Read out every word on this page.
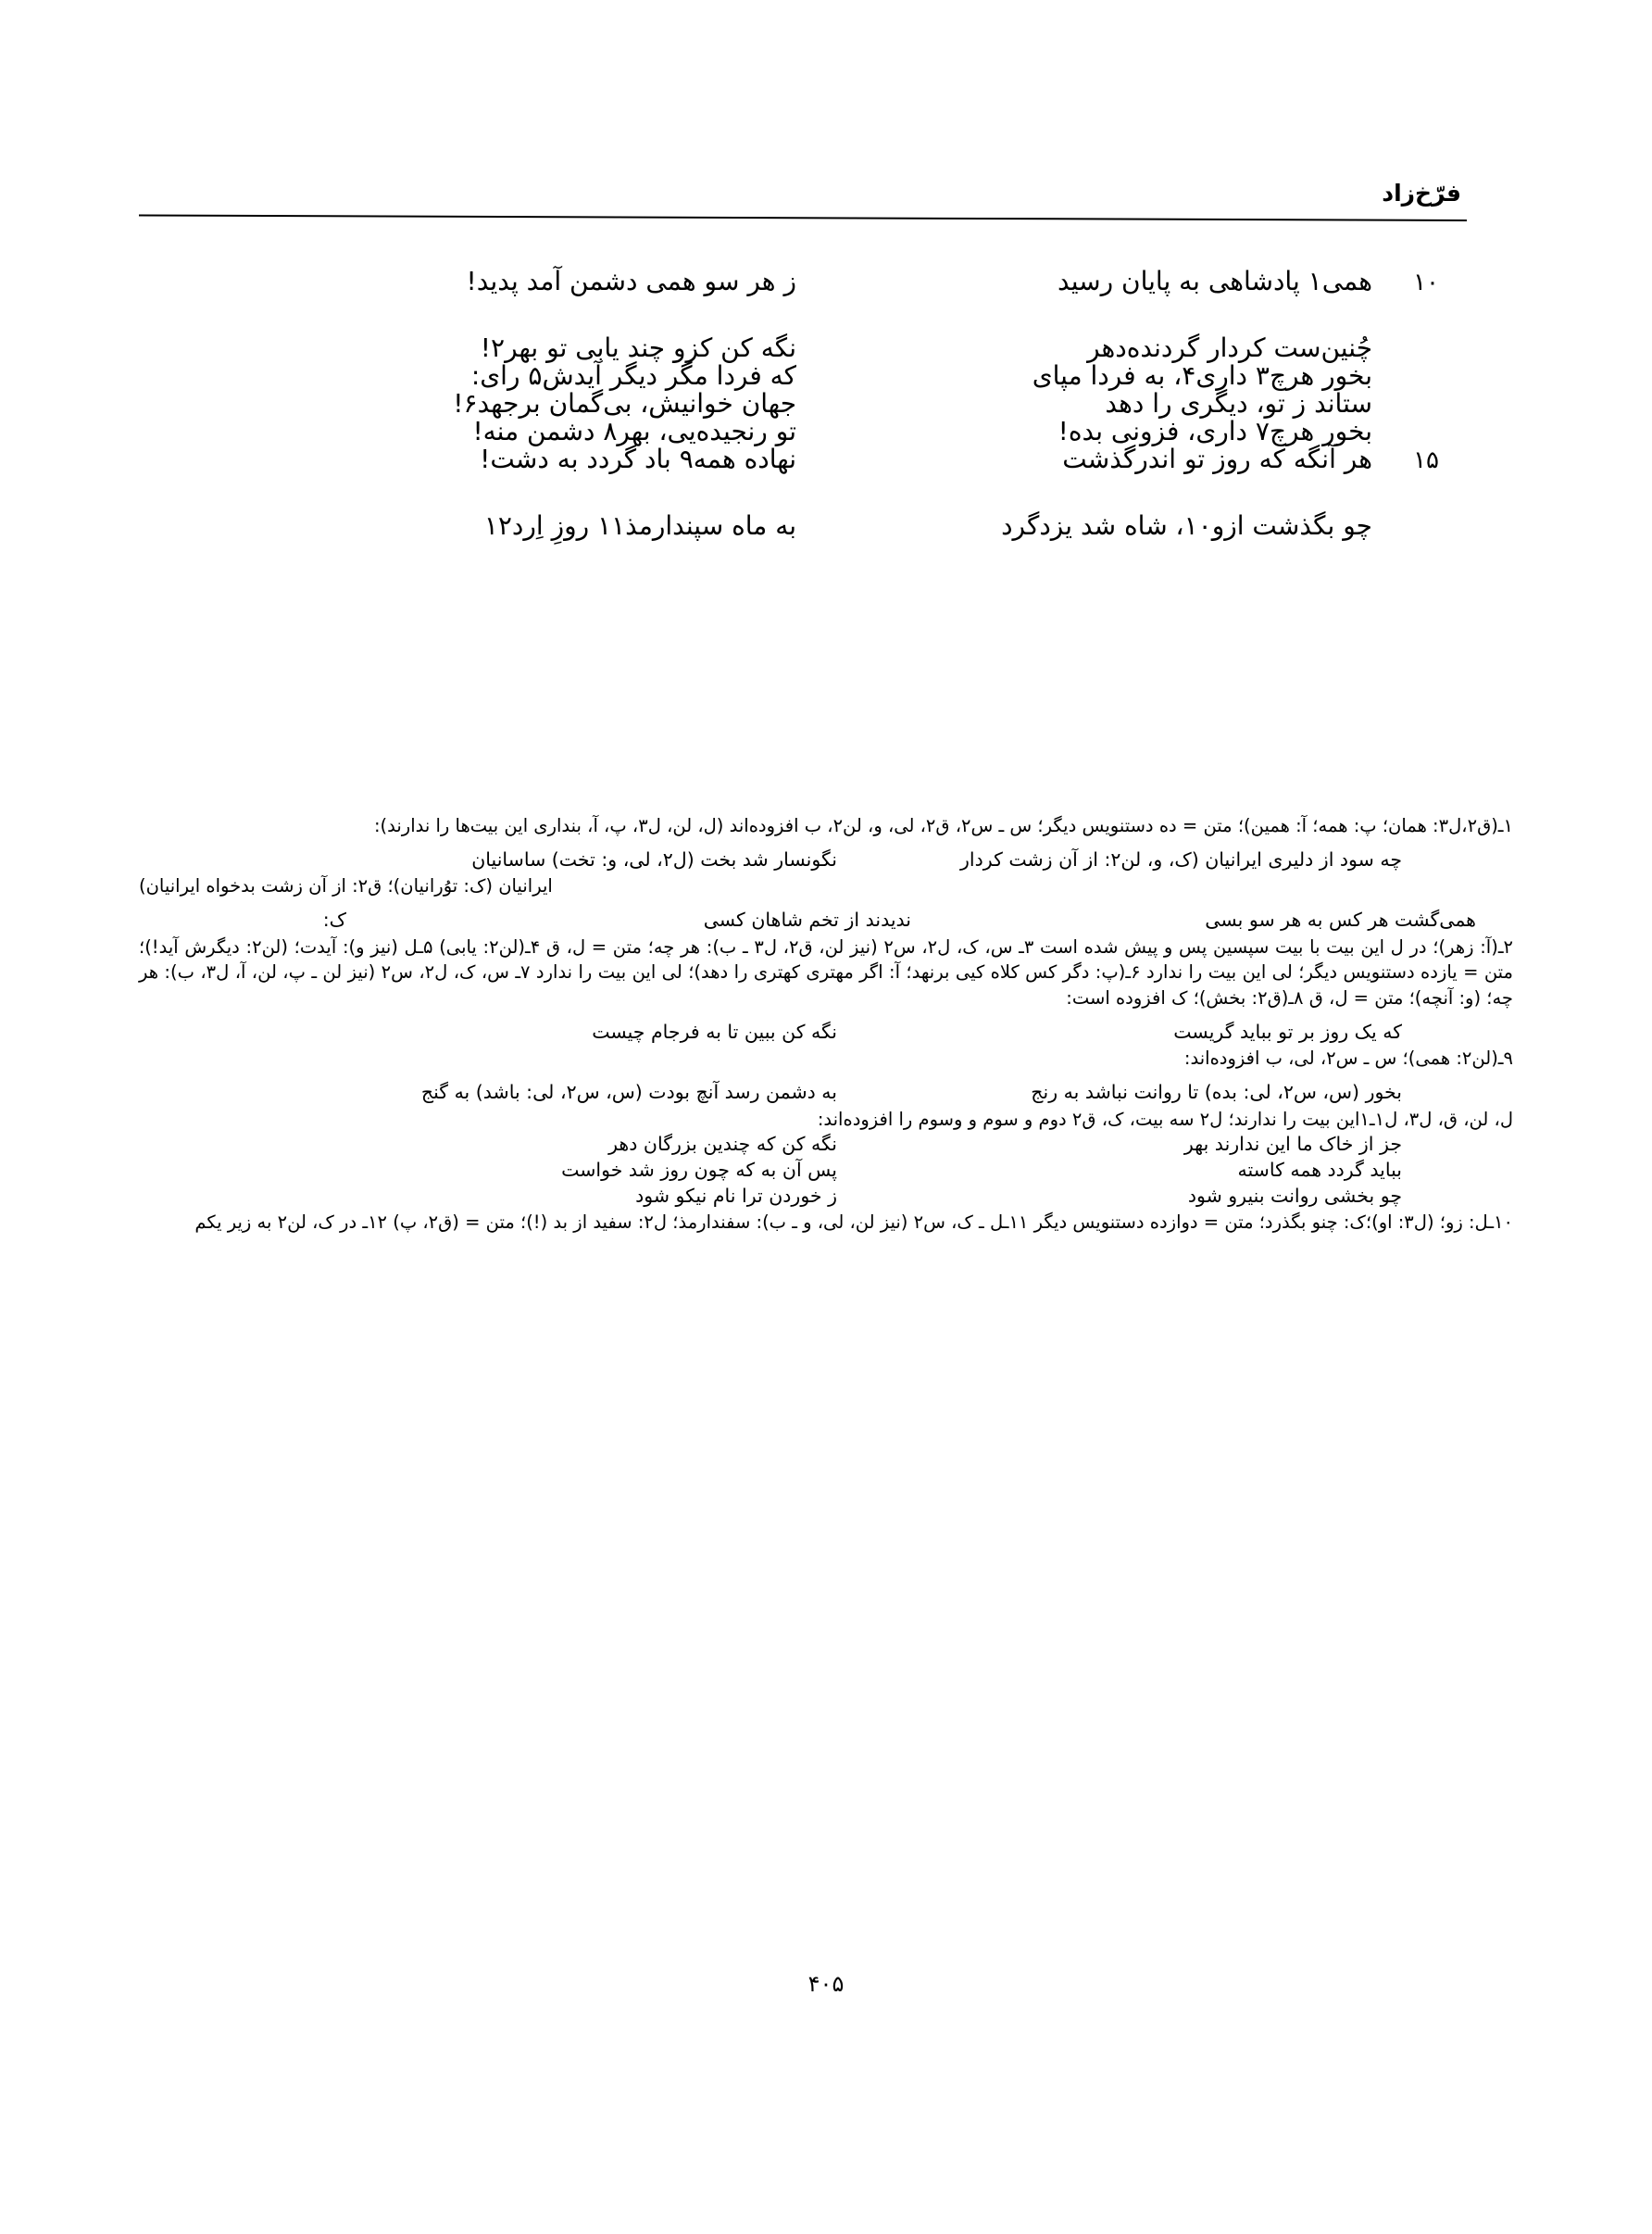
فرّخ‌زاد
۱۰
همی۱ پادشاهی به پایان رسید
ز هر سو همی دشمن آمد پدید!
چُنین‌ست کردار گردنده‌دهر
نگه کن کزو چند یابی تو بهر۲!
بخور هرچ۳ داری۴، به فردا مپای
که فردا مگر دیگر آیدش۵ رای:
ستاند ز تو، دیگری را دهد
جهان خوانیش، بی‌گمان برجهد۶!
بخور هرچ۷ داری، فزونی بده!
تو رنجیده‌یی، بهر۸ دشمن منه!
۱۵
هر آنگه که روز تو اندرگذشت
نهاده همه۹ باد گردد به دشت!
چو بگذشت ازو۱۰، شاه شد یزدگرد
به ماه سپندارمذ۱۱ روزِ اِرد۱۲

۱ـ(ق۲،ل۳: همان؛ پ: همه؛ آ: همین)؛ متن = ده دستنویس دیگر؛ س ـ س۲، ق۲، لی، و، لن۲، ب افزوده‌اند (ل، لن، ل۳، پ، آ، بنداری این بیت‌ها را ندارند):

چه سود از دلیری ایرانیان (ک، و، لن۲: از آن زشت کردار
نگونسار شد بخت (ل۲، لی، و: تخت) ساسانیان

ایرانیان (ک: توُرانیان)؛ ق۲: از آن زشت بدخواه ایرانیان)

همی‌گشت هر کس به هر سو بسی
ندیدند از تخم شاهان کسی
ک:

۲ـ(آ: زهر)؛ در ل این بیت با بیت سپسین پس و پیش شده است ۳ـ س، ک، ل۲، س۲ (نیز لن، ق۲، ل۳ ـ ب): هر چه؛ متن = ل، ق ۴ـ(لن۲: یابی) ۵ـل (نیز و): آیدت؛ (لن۲: دیگرش آید!)؛ متن = یازده دستنویس دیگر؛ لی این بیت را ندارد ۶ـ(پ: دگر کس کلاه کیی برنهد؛ آ: اگر مهتری کهتری را دهد)؛ لی این بیت را ندارد ۷ـ س، ک، ل۲، س۲ (نیز لن ـ پ، لن، آ، ل۳، ب): هر چه؛ (و: آنچه)؛ متن = ل، ق ۸ـ(ق۲: بخش)؛ ک افزوده است:

که یک روز بر تو بباید گریست
نگه کن ببین تا به فرجام چیست

۹ـ(لن۲: همی)؛ س ـ س۲، لی، ب افزوده‌اند:

بخور (س، س۲، لی: بده) تا روانت نباشد به رنج
به دشمن رسد آنچ بودت (س، س۲، لی: باشد) به گنج

ل، لن، ق، ل۳، ل۱ـ۱این بیت را ندارند؛ ل۲ سه بیت، ک، ق۲ دوم و سوم و وسوم را افزوده‌اند:

جز از خاک ما این ندارند بهر
نگه کن که چندین بزرگان دهر
بباید گردد همه کاسته
پس آن به که چون روز شد خواست
چو بخشی روانت بنیرو شود
ز خوردن ترا نام نیکو شود

۱۰ـل: زو؛ (ل۳: او)؛ک: چنو بگذرد؛ متن = دوازده دستنویس دیگر ۱۱ـل ـ ک، س۲ (نیز لن، لی، و ـ ب): سفندارمذ؛ ل۲: سفید از بد (!)؛ متن = (ق۲، پ) ۱۲ـ در ک، لن۲ به زیر یکم

۴۰۵
